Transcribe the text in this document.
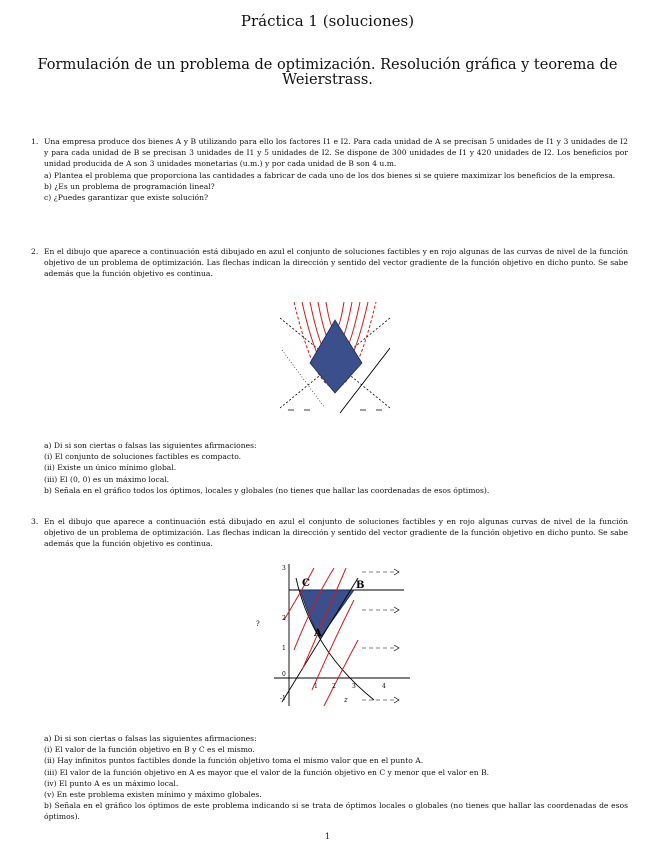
Práctica 1 (soluciones)
Formulación de un problema de optimización. Resolución gráfica y teorema de Weierstrass.
1. Una empresa produce dos bienes A y B utilizando para ello los factores I1 e I2. Para cada unidad de A se precisan 5 unidades de I1 y 3 unidades de I2 y para cada unidad de B se precisan 3 unidades de I1 y 5 unidades de I2. Se dispone de 300 unidades de I1 y 420 unidades de I2. Los beneficios por unidad producida de A son 3 unidades monetarias (u.m.) y por cada unidad de B son 4 u.m.
a) Plantea el problema que proporciona las cantidades a fabricar de cada uno de los dos bienes si se quiere maximizar los beneficios de la empresa.
b) ¿Es un problema de programación lineal?
c) ¿Puedes garantizar que existe solución?
2. En el dibujo que aparece a continuación está dibujado en azul el conjunto de soluciones factibles y en rojo algunas de las curvas de nivel de la función objetivo de un problema de optimización. Las flechas indican la dirección y sentido del vector gradiente de la función objetivo en dicho punto. Se sabe además que la función objetivo es continua.
a) Di si son ciertas o falsas las siguientes afirmaciones:
(i) El conjunto de soluciones factibles es compacto.
(ii) Existe un único mínimo global.
(iii) El (0, 0) es un máximo local.
b) Señala en el gráfico todos los óptimos, locales y globales (no tienes que hallar las coordenadas de esos óptimos).
3. En el dibujo que aparece a continuación está dibujado en azul el conjunto de soluciones factibles y en rojo algunas curvas de nivel de la función objetivo de un problema de optimización. Las flechas indican la dirección y sentido del vector gradiente de la función objetivo en dicho punto. Se sabe además que la función objetivo es continua.
A
B
C
3
2
1
0
-1
1 2	3	4
z
?
a) Di si son ciertas o falsas las siguientes afirmaciones:
(i) El valor de la función objetivo en B y C es el mismo.
(ii) Hay infinitos puntos factibles donde la función objetivo toma el mismo valor que en el punto A.
(iii) El valor de la función objetivo en A es mayor que el valor de la función objetivo en C y menor que el valor en B.
(iv) El punto A es un máximo local.
(v) En este problema existen mínimo y máximo globales.
b) Señala en el gráfico los óptimos de este problema indicando si se trata de óptimos locales o globales (no tienes que hallar las coordenadas de esos óptimos).
1
